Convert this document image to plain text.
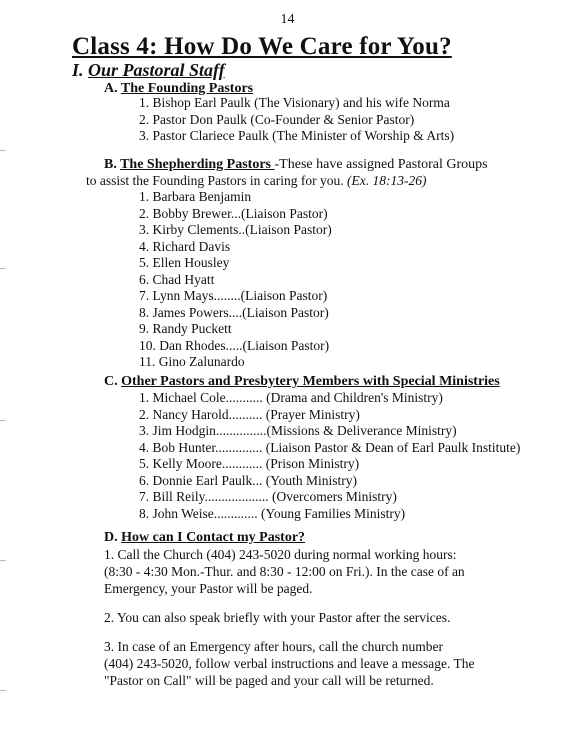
14
Class 4: How Do We Care for You?
I. Our Pastoral Staff
A. The Founding Pastors
1. Bishop Earl Paulk (The Visionary) and his wife Norma
2. Pastor Don Paulk (Co-Founder & Senior Pastor)
3. Pastor Clariece Paulk (The Minister of Worship & Arts)
B. The Shepherding Pastors -These have assigned Pastoral Groups
to assist the Founding Pastors in caring for you. (Ex. 18:13-26)
1. Barbara Benjamin
2. Bobby Brewer...(Liaison Pastor)
3. Kirby Clements..(Liaison Pastor)
4. Richard Davis
5. Ellen Housley
6. Chad Hyatt
7. Lynn Mays........(Liaison Pastor)
8. James Powers....(Liaison Pastor)
9. Randy Puckett
10. Dan Rhodes.....(Liaison Pastor)
11. Gino Zalunardo
C. Other Pastors and Presbytery Members with Special Ministries
1. Michael Cole........... (Drama and Children's Ministry)
2. Nancy Harold.......... (Prayer Ministry)
3. Jim Hodgin...............(Missions & Deliverance Ministry)
4. Bob Hunter.............. (Liaison Pastor & Dean of Earl Paulk Institute)
5. Kelly Moore............ (Prison Ministry)
6. Donnie Earl Paulk... (Youth Ministry)
7. Bill Reily................... (Overcomers Ministry)
8. John Weise............. (Young Families Ministry)
D. How can I Contact my Pastor?
1. Call the Church (404) 243-5020 during normal working hours:
(8:30 - 4:30 Mon.-Thur. and 8:30 - 12:00 on Fri.). In the case of an
Emergency, your Pastor will be paged.
2. You can also speak briefly with your Pastor after the services.
3. In case of an Emergency after hours, call the church number
(404) 243-5020, follow verbal instructions and leave a message. The
"Pastor on Call" will be paged and your call will be returned.
